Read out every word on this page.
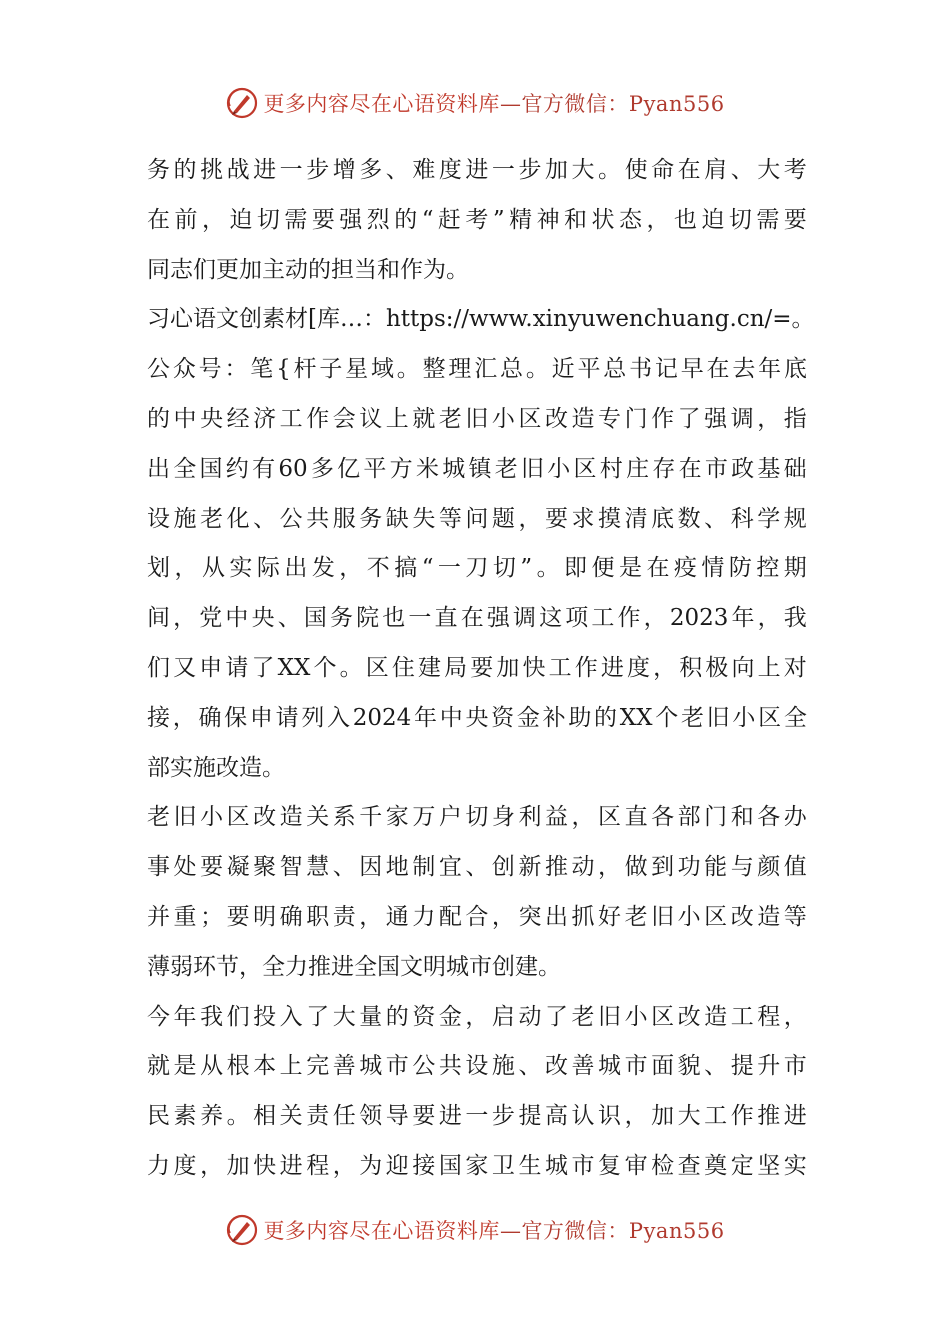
更多内容尽在心语资料库—官方微信：Pyan556
务 的 挑 战 进 一 步 增 多 、 难 度 进 一 步 加 大 。 使 命 在 肩 、 大 考
在 前 ， 迫 切 需 要 强 烈 的 “ 赶 考 ” 精 神 和 状 态 ， 也 迫 切 需 要
同志们更加主动的担当和作为。
习心语文创素材[库…：https://www.xinyuwenchuang.cn/=。
公 众 号 ： 笔 { 杆 子 星 域 。 整 理 汇 总 。 近 平 总 书 记 早 在 去 年 底
的 中 央 经 济 工 作 会 议 上 就 老 旧 小 区 改 造 专 门 作 了 强 调 ， 指
出 全 国 约 有 60 多 亿 平 方 米 城 镇 老 旧 小 区 村 庄 存 在 市 政 基 础
设 施 老 化 、 公 共 服 务 缺 失 等 问 题 ， 要 求 摸 清 底 数 、 科 学 规
划 ， 从 实 际 出 发 ， 不 搞 “ 一 刀 切 ” 。 即 便 是 在 疫 情 防 控 期
间 ， 党 中 央 、 国 务 院 也 一 直 在 强 调 这 项 工 作 ， 2023 年 ， 我
们 又 申 请 了 XX 个 。 区 住 建 局 要 加 快 工 作 进 度 ， 积 极 向 上 对
接 ， 确 保 申 请 列 入 2024 年 中 央 资 金 补 助 的 XX 个 老 旧 小 区 全
部实施改造。
老 旧 小 区 改 造 关 系 千 家 万 户 切 身 利 益 ， 区 直 各 部 门 和 各 办
事 处 要 凝 聚 智 慧 、 因 地 制 宜 、 创 新 推 动 ， 做 到 功 能 与 颜 值
并 重 ； 要 明 确 职 责 ， 通 力 配 合 ， 突 出 抓 好 老 旧 小 区 改 造 等
薄弱环节，全力推进全国文明城市创建。
今 年 我 们 投 入 了 大 量 的 资 金 ， 启 动 了 老 旧 小 区 改 造 工 程 ，
就 是 从 根 本 上 完 善 城 市 公 共 设 施 、 改 善 城 市 面 貌 、 提 升 市
民 素 养 。 相 关 责 任 领 导 要 进 一 步 提 高 认 识 ， 加 大 工 作 推 进
力 度 ， 加 快 进 程 ， 为 迎 接 国 家 卫 生 城 市 复 审 检 查 奠 定 坚 实
更多内容尽在心语资料库—官方微信：Pyan556
